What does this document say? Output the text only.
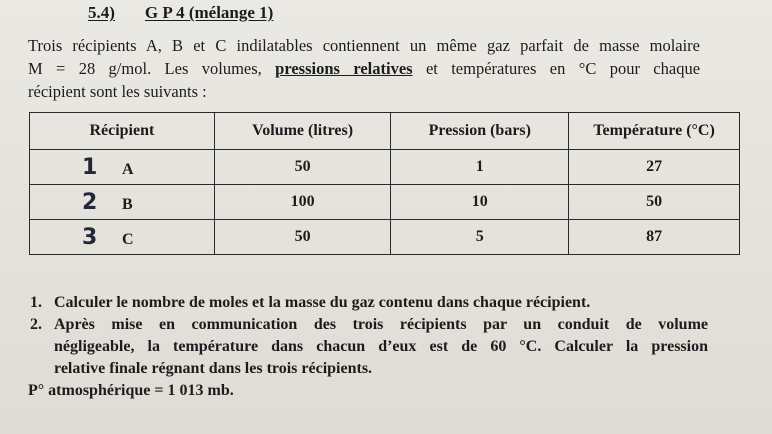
5.4) G P 4 (mélange 1)
Trois récipients A, B et C indilatables contiennent un même gaz parfait de masse molaire
M = 28 g/mol. Les volumes, pressions relatives et températures en °C pour chaque
récipient sont les suivants :
Récipient	Volume (litres)	Pression (bars)	Température (°C)
1 A	50	1	27
2 B	100	10	50
3 C	50	5	87
1. Calculer le nombre de moles et la masse du gaz contenu dans chaque récipient.
2. Après mise en communication des trois récipients par un conduit de volume
négligeable, la température dans chacun d’eux est de 60 °C. Calculer la pression
relative finale régnant dans les trois récipients.
P° atmosphérique = 1 013 mb.
